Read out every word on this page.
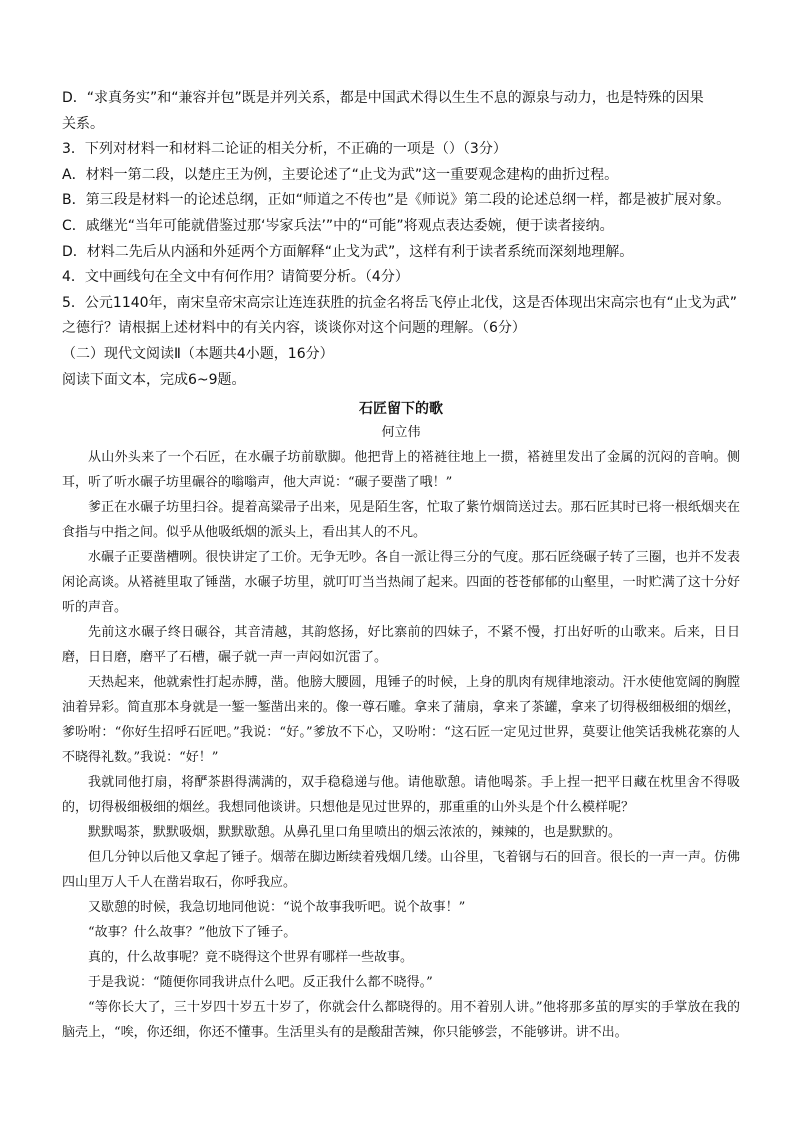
D．“求真务实”和“兼容并包”既是并列关系，都是中国武术得以生生不息的源泉与动力，也是特殊的因果

关系。

3．下列对材料一和材料二论证的相关分析，不正确的一项是（）（3分）

A．材料一第二段，以楚庄王为例，主要论述了“止戈为武”这一重要观念建构的曲折过程。

B．第三段是材料一的论述总纲，正如“师道之不传也”是《师说》第二段的论述总纲一样，都是被扩展对象。

C．戚继光“当年可能就借鉴过那‘岑家兵法’”中的“可能”将观点表达委婉，便于读者接纳。

D．材料二先后从内涵和外延两个方面解释“止戈为武”，这样有利于读者系统而深刻地理解。

4．文中画线句在全文中有何作用？请简要分析。（4分）

5．公元1140年，南宋皇帝宋高宗让连连获胜的抗金名将岳飞停止北伐，这是否体现出宋高宗也有“止戈为武”

之德行？请根据上述材料中的有关内容，谈谈你对这个问题的理解。（6分）

（二）现代文阅读Ⅱ（本题共4小题，16分）

阅读下面文本，完成6~9题。

石匠留下的歌
何立伟

从山外头来了一个石匠，在水碾子坊前歇脚。他把背上的褡裢往地上一掼，褡裢里发出了金属的沉闷的音响。侧耳，听了听水碾子坊里碾谷的嗡嗡声，他大声说：“碾子要凿了哦！”

爹正在水碾子坊里扫谷。提着高粱帚子出来，见是陌生客，忙取了紫竹烟筒送过去。那石匠其时已将一根纸烟夹在食指与中指之间。似乎从他吸纸烟的派头上，看出其人的不凡。

水碾子正要凿槽咧。很快讲定了工价。无争无吵。各自一派让得三分的气度。那石匠绕碾子转了三圈，也并不发表闲论高谈。从褡裢里取了锤凿，水碾子坊里，就叮叮当当热闹了起来。四面的苍苍郁郁的山壑里，一时贮满了这十分好听的声音。

先前这水碾子终日碾谷，其音清越，其韵悠扬，好比寨前的四妹子，不紧不慢，打出好听的山歌来。后来，日日磨，日日磨，磨平了石槽，碾子就一声一声闷如沉雷了。

天热起来，他就索性打起赤膊，凿。他膀大腰圆，甩锤子的时候，上身的肌肉有规律地滚动。汗水使他宽阔的胸膛油着异彩。简直那本身就是一錾一錾凿出来的。像一尊石雕。拿来了蒲扇，拿来了茶罐，拿来了切得极细极细的烟丝，爹吩咐：“你好生招呼石匠吧。”我说：“好。”爹放不下心，又吩咐：“这石匠一定见过世界，莫要让他笑话我桃花寨的人不晓得礼数。”我说：“好！”

我就同他打扇，将酽茶斟得满满的，双手稳稳递与他。请他歇憩。请他喝茶。手上捏一把平日藏在枕里舍不得吸的，切得极细极细的烟丝。我想同他谈讲。只想他是见过世界的，那重重的山外头是个什么模样呢？

默默喝茶，默默吸烟，默默歇憩。从鼻孔里口角里喷出的烟云浓浓的，辣辣的，也是默默的。

但几分钟以后他又拿起了锤子。烟蒂在脚边断续着残烟几缕。山谷里，飞着钢与石的回音。很长的一声一声。仿佛四山里万人千人在凿岩取石，你呼我应。

又歇憩的时候，我急切地同他说：“说个故事我听吧。说个故事！”

“故事？什么故事？”他放下了锤子。

真的，什么故事呢？竟不晓得这个世界有哪样一些故事。

于是我说：“随便你同我讲点什么吧。反正我什么都不晓得。”

“等你长大了，三十岁四十岁五十岁了，你就会什么都晓得的。用不着别人讲。”他将那多茧的厚实的手掌放在我的脑壳上，“唉，你还细，你还不懂事。生活里头有的是酸甜苦辣，你只能够尝，不能够讲。讲不出。
